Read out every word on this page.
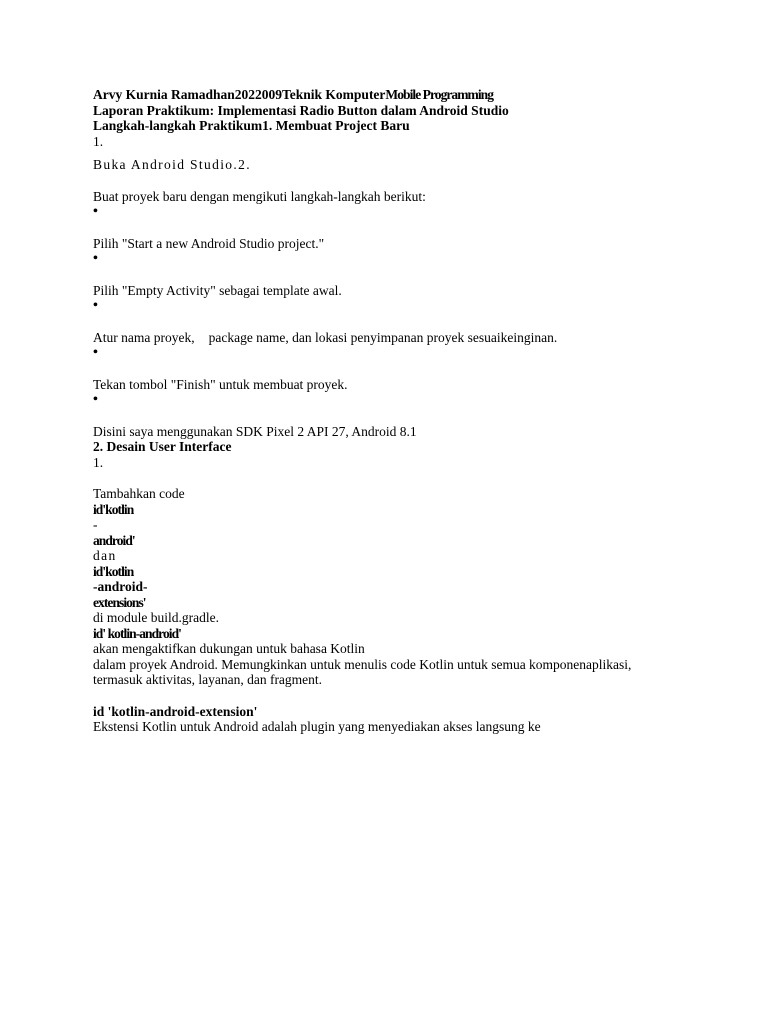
Arvy Kurnia Ramadhan2022009Teknik KomputerMobile Programming
Laporan Praktikum: Implementasi Radio Button dalam Android Studio
Langkah-langkah Praktikum1. Membuat Project Baru
1.
Buka Android Studio.2.
Buat proyek baru dengan mengikuti langkah-langkah berikut:
•
Pilih "Start a new Android Studio project."
•
Pilih "Empty Activity" sebagai template awal.
•
Atur nama proyek, package name, dan lokasi penyimpanan proyek sesuaikeinginan.
•
Tekan tombol "Finish" untuk membuat proyek.
•
Disini saya menggunakan SDK Pixel 2 API 27, Android 8.1
2. Desain User Interface
1.
Tambahkan code
id'kotlin
-
android'
dan
id'kotlin
-android-
extensions'
di module build.gradle.
id' kotlin-android'
akan mengaktifkan dukungan untuk bahasa Kotlin
dalam proyek Android. Memungkinkan untuk menulis code Kotlin untuk semua komponenaplikasi,
termasuk aktivitas, layanan, dan fragment.
id 'kotlin-android-extension'
Ekstensi Kotlin untuk Android adalah plugin yang menyediakan akses langsung ke
